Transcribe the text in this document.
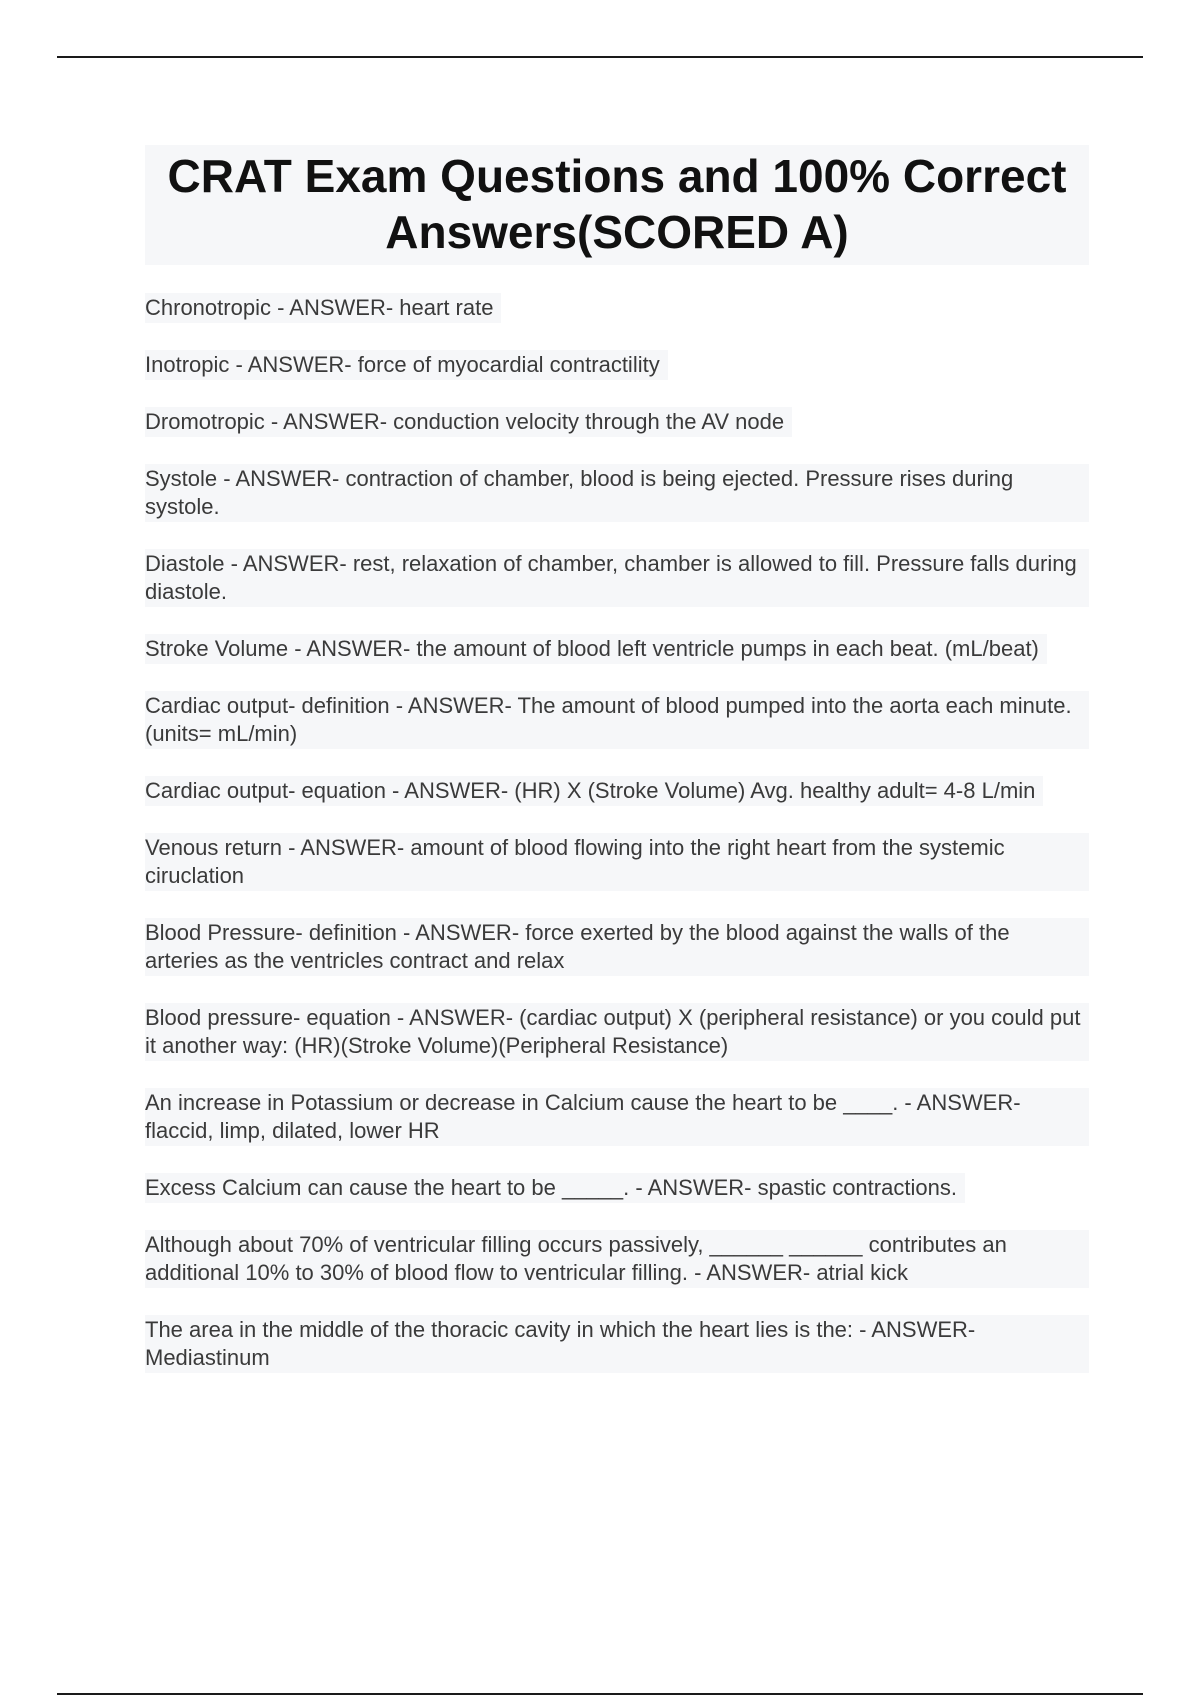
CRAT Exam Questions and 100% Correct Answers(SCORED A)
Chronotropic - ANSWER- heart rate
Inotropic - ANSWER- force of myocardial contractility
Dromotropic - ANSWER- conduction velocity through the AV node
Systole - ANSWER- contraction of chamber, blood is being ejected. Pressure rises during systole.
Diastole - ANSWER- rest, relaxation of chamber, chamber is allowed to fill. Pressure falls during diastole.
Stroke Volume - ANSWER- the amount of blood left ventricle pumps in each beat. (mL/beat)
Cardiac output- definition - ANSWER- The amount of blood pumped into the aorta each minute. (units= mL/min)
Cardiac output- equation - ANSWER- (HR) X (Stroke Volume) Avg. healthy adult= 4-8 L/min
Venous return - ANSWER- amount of blood flowing into the right heart from the systemic ciruclation
Blood Pressure- definition - ANSWER- force exerted by the blood against the walls of the arteries as the ventricles contract and relax
Blood pressure- equation - ANSWER- (cardiac output) X (peripheral resistance) or you could put it another way: (HR)(Stroke Volume)(Peripheral Resistance)
An increase in Potassium or decrease in Calcium cause the heart to be ____. - ANSWER- flaccid, limp, dilated, lower HR
Excess Calcium can cause the heart to be _____. - ANSWER- spastic contractions.
Although about 70% of ventricular filling occurs passively, ______ ______ contributes an additional 10% to 30% of blood flow to ventricular filling. - ANSWER- atrial kick
The area in the middle of the thoracic cavity in which the heart lies is the: - ANSWER- Mediastinum
